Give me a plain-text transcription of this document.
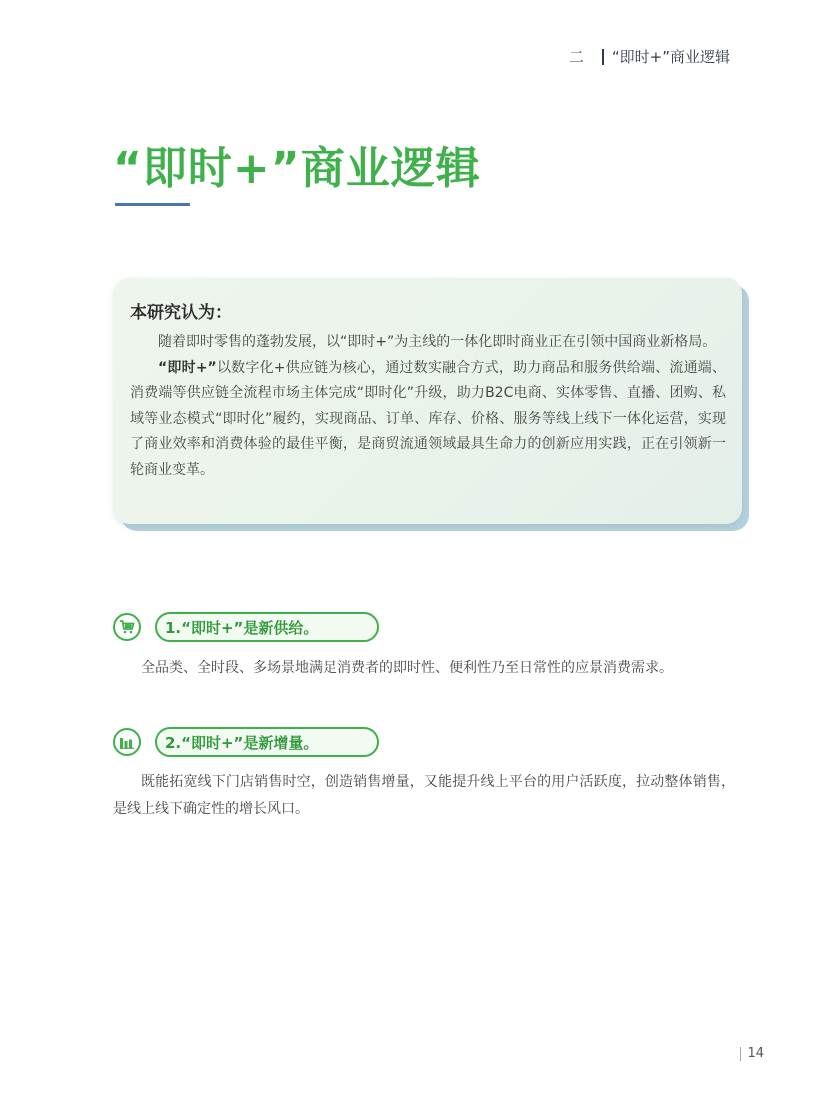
二 “即时+”商业逻辑
“即时+”商业逻辑
本研究认为：

随着即时零售的蓬勃发展，以“即时+”为主线的一体化即时商业正在引领中国商业新格局。

“即时+”以数字化+供应链为核心，通过数实融合方式，助力商品和服务供给端、流通端、消费端等供应链全流程市场主体完成“即时化”升级，助力B2C电商、实体零售、直播、团购、私域等业态模式“即时化”履约，实现商品、订单、库存、价格、服务等线上线下一体化运营，实现了商业效率和消费体验的最佳平衡，是商贸流通领域最具生命力的创新应用实践，正在引领新一轮商业变革。

1.“即时+”是新供给。

全品类、全时段、多场景地满足消费者的即时性、便利性乃至日常性的应景消费需求。

2.“即时+”是新增量。

既能拓宽线下门店销售时空，创造销售增量，又能提升线上平台的用户活跃度，拉动整体销售，是线上线下确定性的增长风口。

14
